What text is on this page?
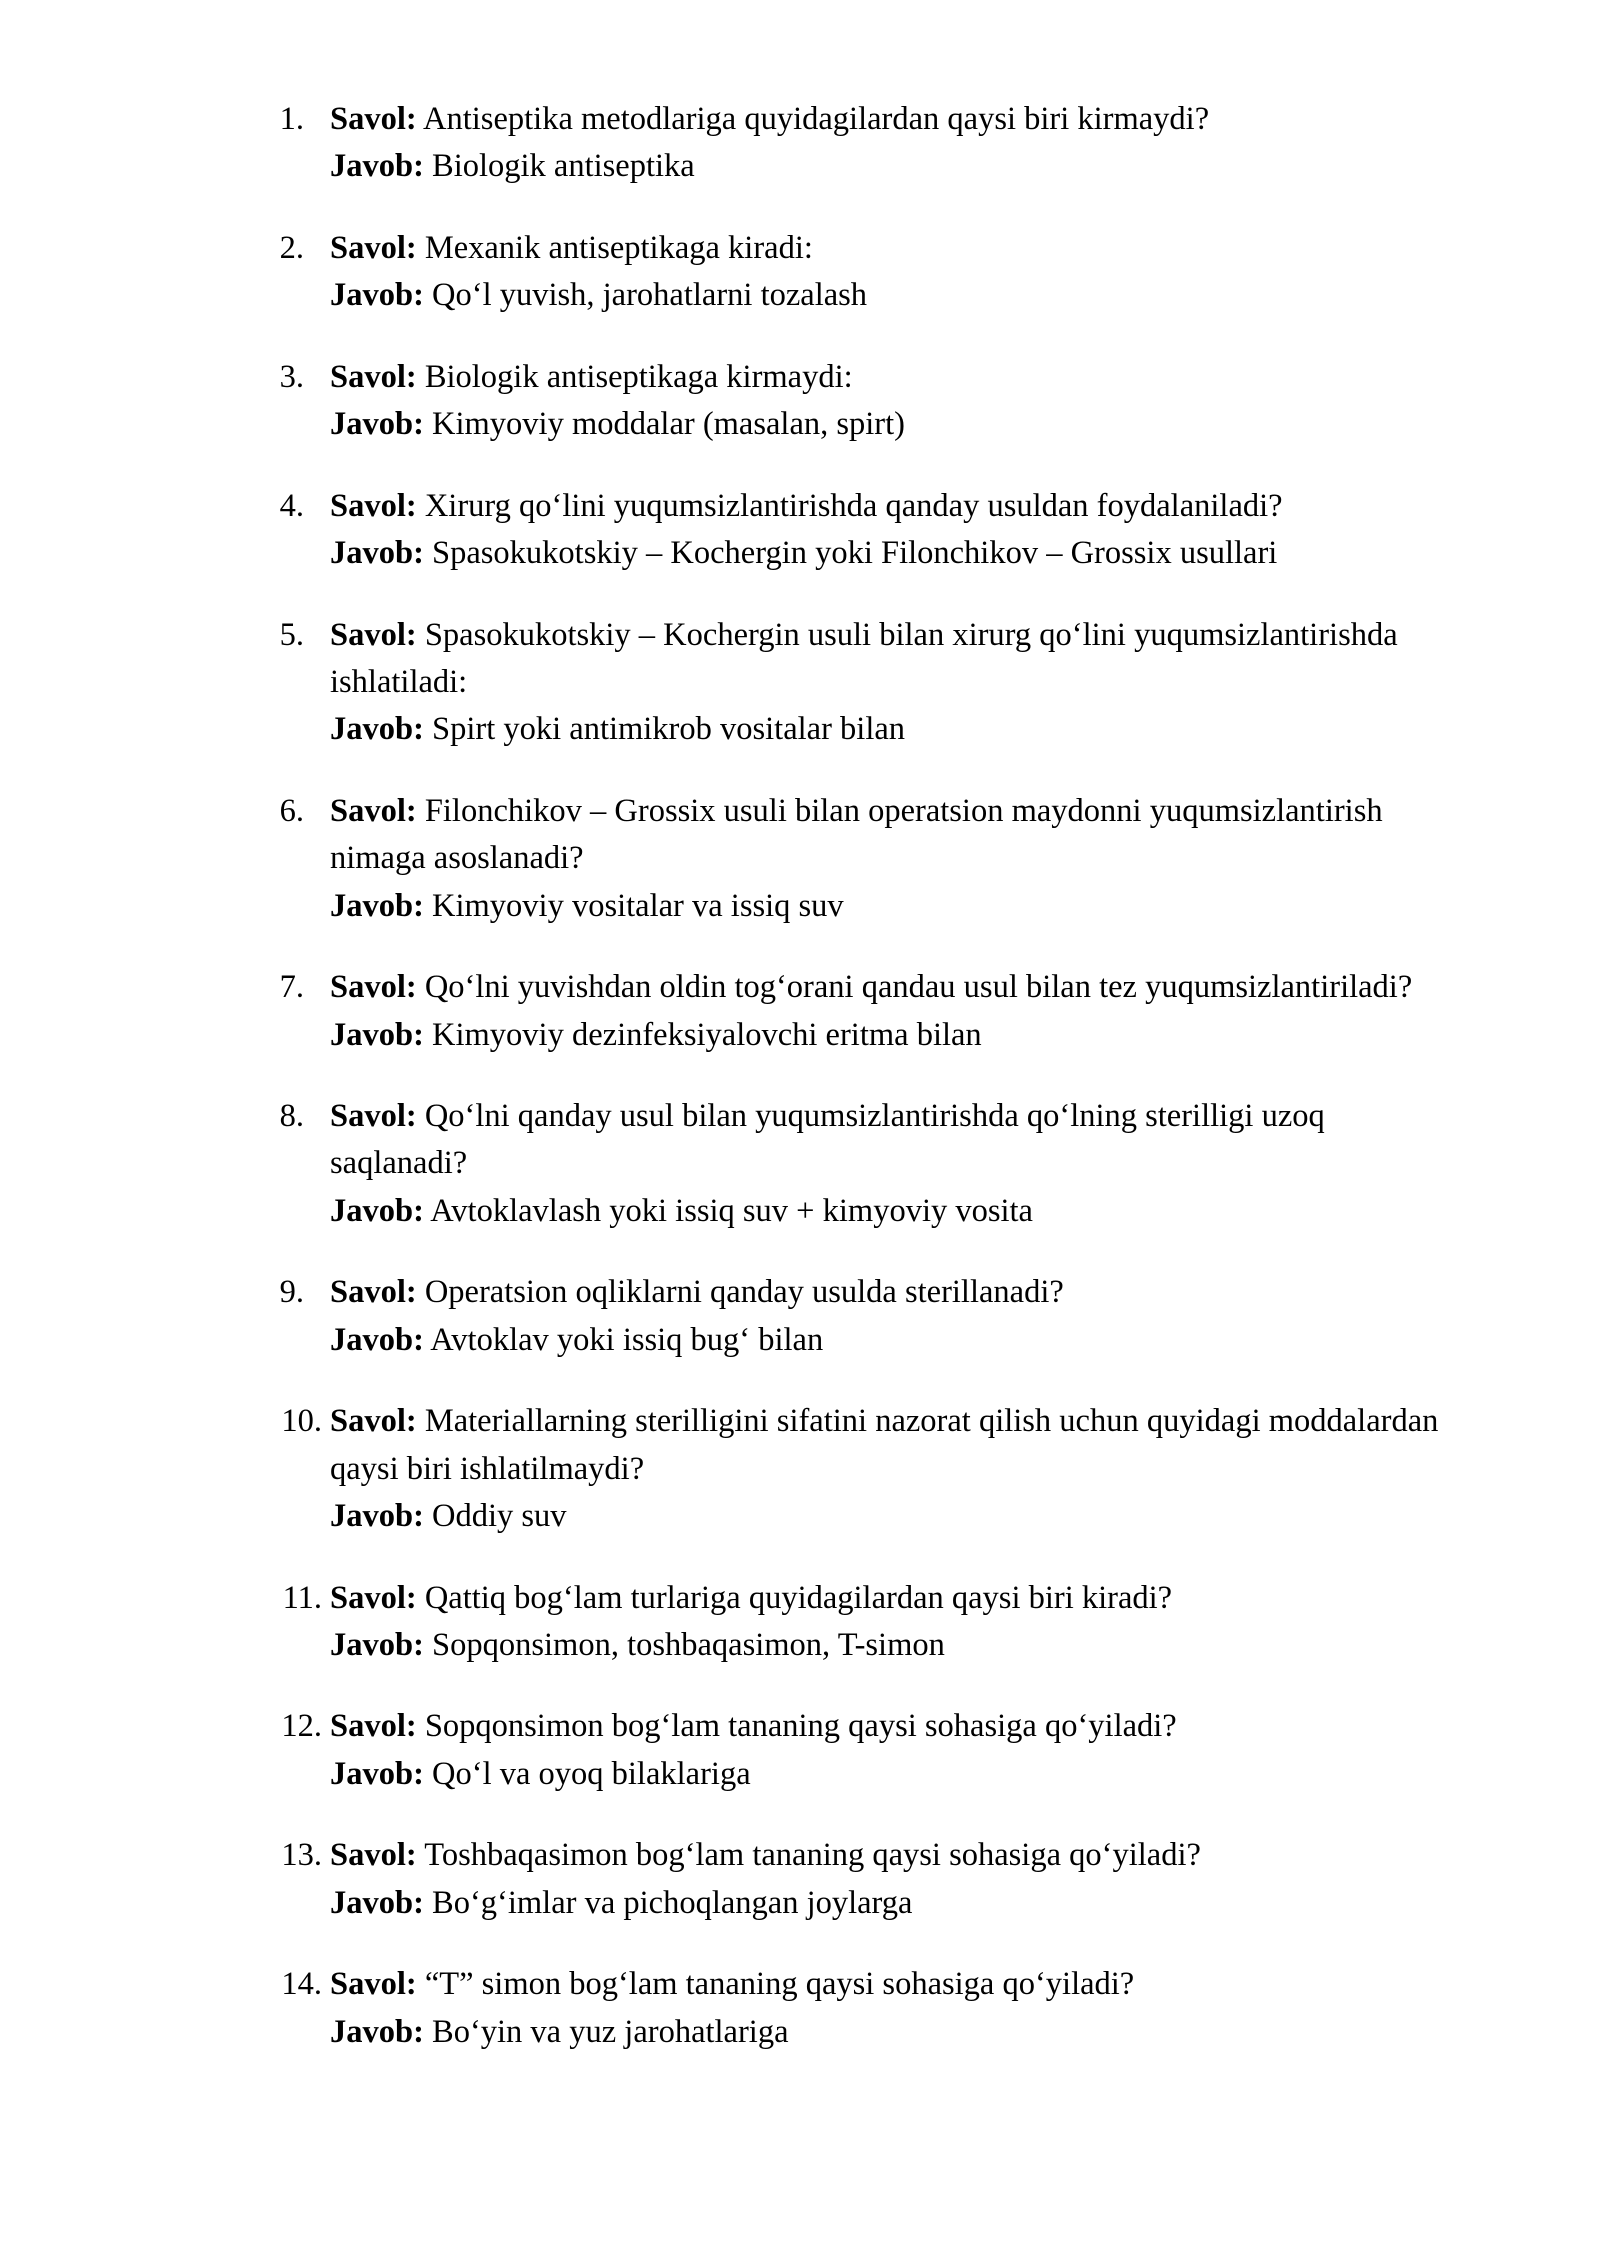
1. Savol: Antiseptika metodlariga quyidagilardan qaysi biri kirmaydi?
Javob: Biologik antiseptika
2. Savol: Mexanik antiseptikaga kiradi:
Javob: Qoʻl yuvish, jarohatlarni tozalash
3. Savol: Biologik antiseptikaga kirmaydi:
Javob: Kimyoviy moddalar (masalan, spirt)
4. Savol: Xirurg qoʻlini yuqumsizlantirishda qanday usuldan foydalaniladi?
Javob: Spasokukotskiy – Kochergin yoki Filonchikov – Grossix usullari
5. Savol: Spasokukotskiy – Kochergin usuli bilan xirurg qoʻlini yuqumsizlantirishda ishlatiladi:
Javob: Spirt yoki antimikrob vositalar bilan
6. Savol: Filonchikov – Grossix usuli bilan operatsion maydonni yuqumsizlantirish nimaga asoslanadi?
Javob: Kimyoviy vositalar va issiq suv
7. Savol: Qoʻlni yuvishdan oldin togʻorani qandau usul bilan tez yuqumsizlantiriladi?
Javob: Kimyoviy dezinfeksiyalovchi eritma bilan
8. Savol: Qoʻlni qanday usul bilan yuqumsizlantirishda qoʻlning sterilligi uzoq saqlanadi?
Javob: Avtoklavlash yoki issiq suv + kimyoviy vosita
9. Savol: Operatsion oqliklarni qanday usulda sterillanadi?
Javob: Avtoklav yoki issiq bugʻ bilan
10. Savol: Materiallarning sterilligini sifatini nazorat qilish uchun quyidagi moddalardan qaysi biri ishlatilmaydi?
Javob: Oddiy suv
11. Savol: Qattiq bogʻlam turlariga quyidagilardan qaysi biri kiradi?
Javob: Sopqonsimon, toshbaqasimon, T-simon
12. Savol: Sopqonsimon bogʻlam tananing qaysi sohasiga qoʻyiladi?
Javob: Qoʻl va oyoq bilaklariga
13. Savol: Toshbaqasimon bogʻlam tananing qaysi sohasiga qoʻyiladi?
Javob: Boʻgʻimlar va pichoqlangan joylarga
14. Savol: “T” simon bogʻlam tananing qaysi sohasiga qoʻyiladi?
Javob: Boʻyin va yuz jarohatlariga
